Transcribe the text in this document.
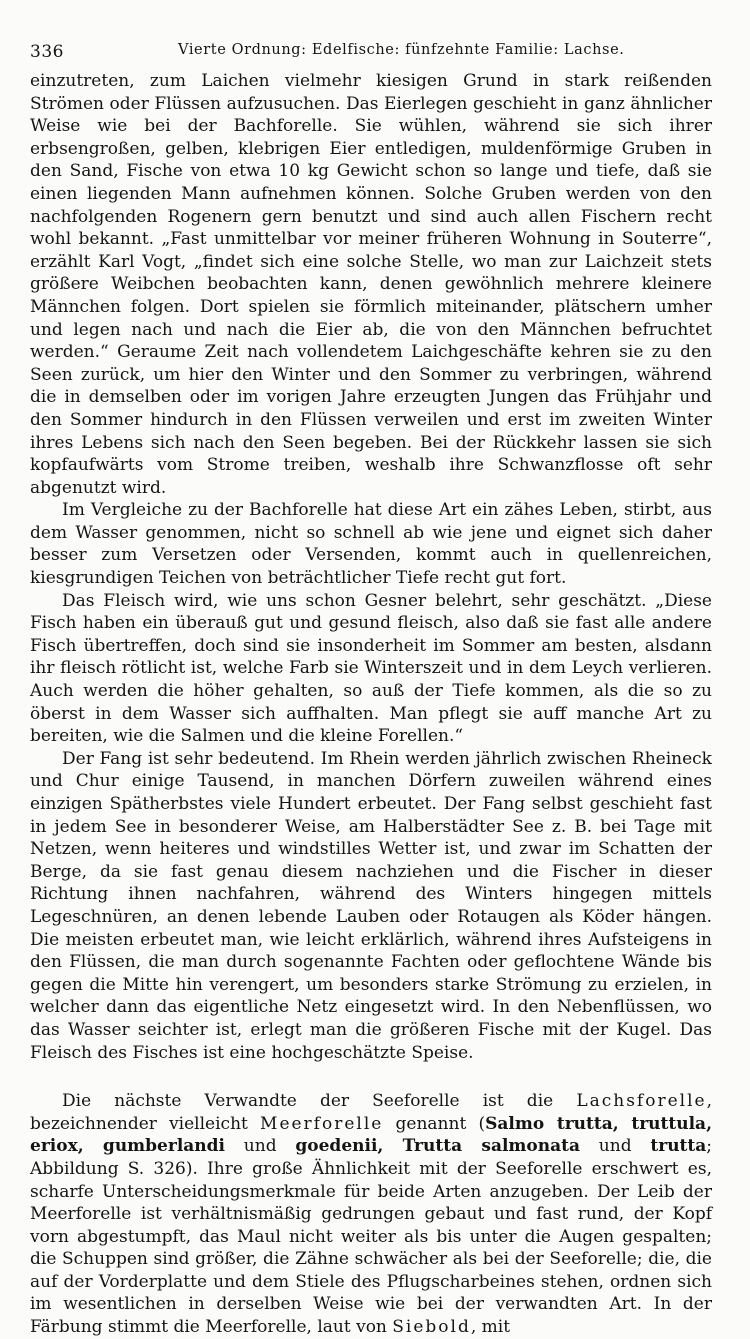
336	Vierte Ordnung: Edelfische: fünfzehnte Familie: Lachse.

einzutreten, zum Laichen vielmehr kiesigen Grund in stark reißenden Strömen oder Flüssen aufzusuchen. Das Eierlegen geschieht in ganz ähnlicher Weise wie bei der Bachforelle. Sie wühlen, während sie sich ihrer erbsengroßen, gelben, klebrigen Eier entledigen, muldenförmige Gruben in den Sand, Fische von etwa 10 kg Gewicht schon so lange und tiefe, daß sie einen liegenden Mann aufnehmen können. Solche Gruben werden von den nachfolgenden Rogenern gern benutzt und sind auch allen Fischern recht wohl bekannt. „Fast unmittelbar vor meiner früheren Wohnung in Souterre“, erzählt Karl Vogt, „findet sich eine solche Stelle, wo man zur Laichzeit stets größere Weibchen beobachten kann, denen gewöhnlich mehrere kleinere Männchen folgen. Dort spielen sie förmlich miteinander, plätschern umher und legen nach und nach die Eier ab, die von den Männchen befruchtet werden.“ Geraume Zeit nach vollendetem Laichgeschäfte kehren sie zu den Seen zurück, um hier den Winter und den Sommer zu verbringen, während die in demselben oder im vorigen Jahre erzeugten Jungen das Frühjahr und den Sommer hindurch in den Flüssen verweilen und erst im zweiten Winter ihres Lebens sich nach den Seen begeben. Bei der Rückkehr lassen sie sich kopfaufwärts vom Strome treiben, weshalb ihre Schwanzflosse oft sehr abgenutzt wird.

Im Vergleiche zu der Bachforelle hat diese Art ein zähes Leben, stirbt, aus dem Wasser genommen, nicht so schnell ab wie jene und eignet sich daher besser zum Versetzen oder Versenden, kommt auch in quellenreichen, kiesgrundigen Teichen von beträchtlicher Tiefe recht gut fort.

Das Fleisch wird, wie uns schon Gesner belehrt, sehr geschätzt. „Diese Fisch haben ein überauß gut und gesund fleisch, also daß sie fast alle andere Fisch übertreffen, doch sind sie insonderheit im Sommer am besten, alsdann ihr fleisch rötlicht ist, welche Farb sie Winterszeit und in dem Leych verlieren. Auch werden die höher gehalten, so auß der Tiefe kommen, als die so zu öberst in dem Wasser sich auffhalten. Man pflegt sie auff manche Art zu bereiten, wie die Salmen und die kleine Forellen.“

Der Fang ist sehr bedeutend. Im Rhein werden jährlich zwischen Rheineck und Chur einige Tausend, in manchen Dörfern zuweilen während eines einzigen Spätherbstes viele Hundert erbeutet. Der Fang selbst geschieht fast in jedem See in besonderer Weise, am Halberstädter See z. B. bei Tage mit Netzen, wenn heiteres und windstilles Wetter ist, und zwar im Schatten der Berge, da sie fast genau diesem nachziehen und die Fischer in dieser Richtung ihnen nachfahren, während des Winters hingegen mittels Legeschnüren, an denen lebende Lauben oder Rotaugen als Köder hängen. Die meisten erbeutet man, wie leicht erklärlich, während ihres Aufsteigens in den Flüssen, die man durch sogenannte Fachten oder geflochtene Wände bis gegen die Mitte hin verengert, um besonders starke Strömung zu erzielen, in welcher dann das eigentliche Netz eingesetzt wird. In den Nebenflüssen, wo das Wasser seichter ist, erlegt man die größeren Fische mit der Kugel. Das Fleisch des Fisches ist eine hochgeschätzte Speise.

Die nächste Verwandte der Seeforelle ist die Lachsforelle, bezeichnender vielleicht Meerforelle genannt (Salmo trutta, truttula, eriox, gumberlandi und goedenii, Trutta salmonata und trutta; Abbildung S. 326). Ihre große Ähnlichkeit mit der Seeforelle erschwert es, scharfe Unterscheidungsmerkmale für beide Arten anzugeben. Der Leib der Meerforelle ist verhältnismäßig gedrungen gebaut und fast rund, der Kopf vorn abgestumpft, das Maul nicht weiter als bis unter die Augen gespalten; die Schuppen sind größer, die Zähne schwächer als bei der Seeforelle; die, die auf der Vorderplatte und dem Stiele des Pflugscharbeines stehen, ordnen sich im wesentlichen in derselben Weise wie bei der verwandten Art. In der Färbung stimmt die Meerforelle, laut von Siebold, mit
